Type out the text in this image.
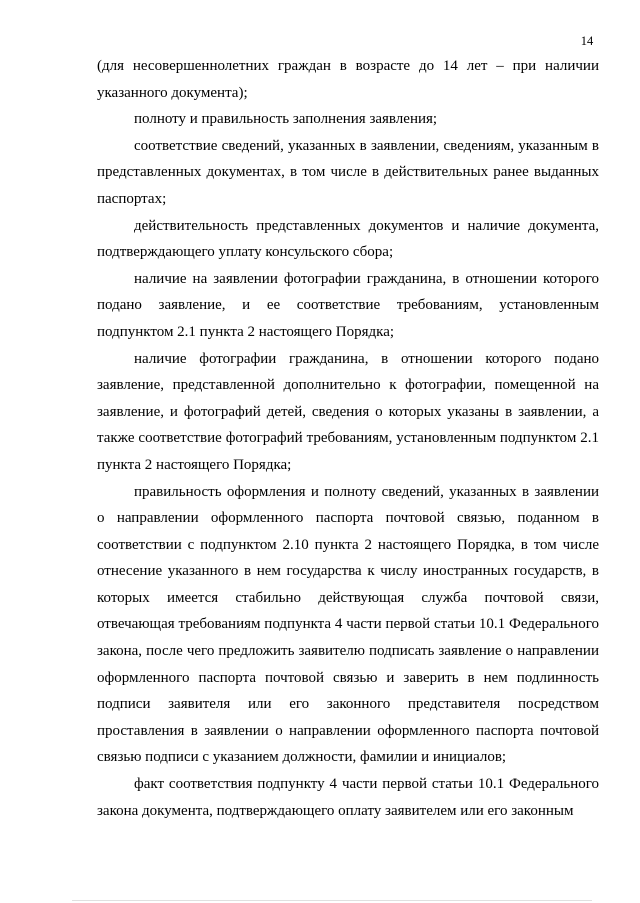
14

(для несовершеннолетних граждан в возрасте до 14 лет – при наличии указанного документа);

полноту и правильность заполнения заявления;

соответствие сведений, указанных в заявлении, сведениям, указанным в представленных документах, в том числе в действительных ранее выданных паспортах;

действительность представленных документов и наличие документа, подтверждающего уплату консульского сбора;

наличие на заявлении фотографии гражданина, в отношении которого подано заявление, и ее соответствие требованиям, установленным подпунктом 2.1 пункта 2 настоящего Порядка;

наличие фотографии гражданина, в отношении которого подано заявление, представленной дополнительно к фотографии, помещенной на заявление, и фотографий детей, сведения о которых указаны в заявлении, а также соответствие фотографий требованиям, установленным подпунктом 2.1 пункта 2 настоящего Порядка;

правильность оформления и полноту сведений, указанных в заявлении о направлении оформленного паспорта почтовой связью, поданном в соответствии с подпунктом 2.10 пункта 2 настоящего Порядка, в том числе отнесение указанного в нем государства к числу иностранных государств, в которых имеется стабильно действующая служба почтовой связи, отвечающая требованиям подпункта 4 части первой статьи 10.1 Федерального закона, после чего предложить заявителю подписать заявление о направлении оформленного паспорта почтовой связью и заверить в нем подлинность подписи заявителя или его законного представителя посредством проставления в заявлении о направлении оформленного паспорта почтовой связью подписи с указанием должности, фамилии и инициалов;

факт соответствия подпункту 4 части первой статьи 10.1 Федерального закона документа, подтверждающего оплату заявителем или его законным
